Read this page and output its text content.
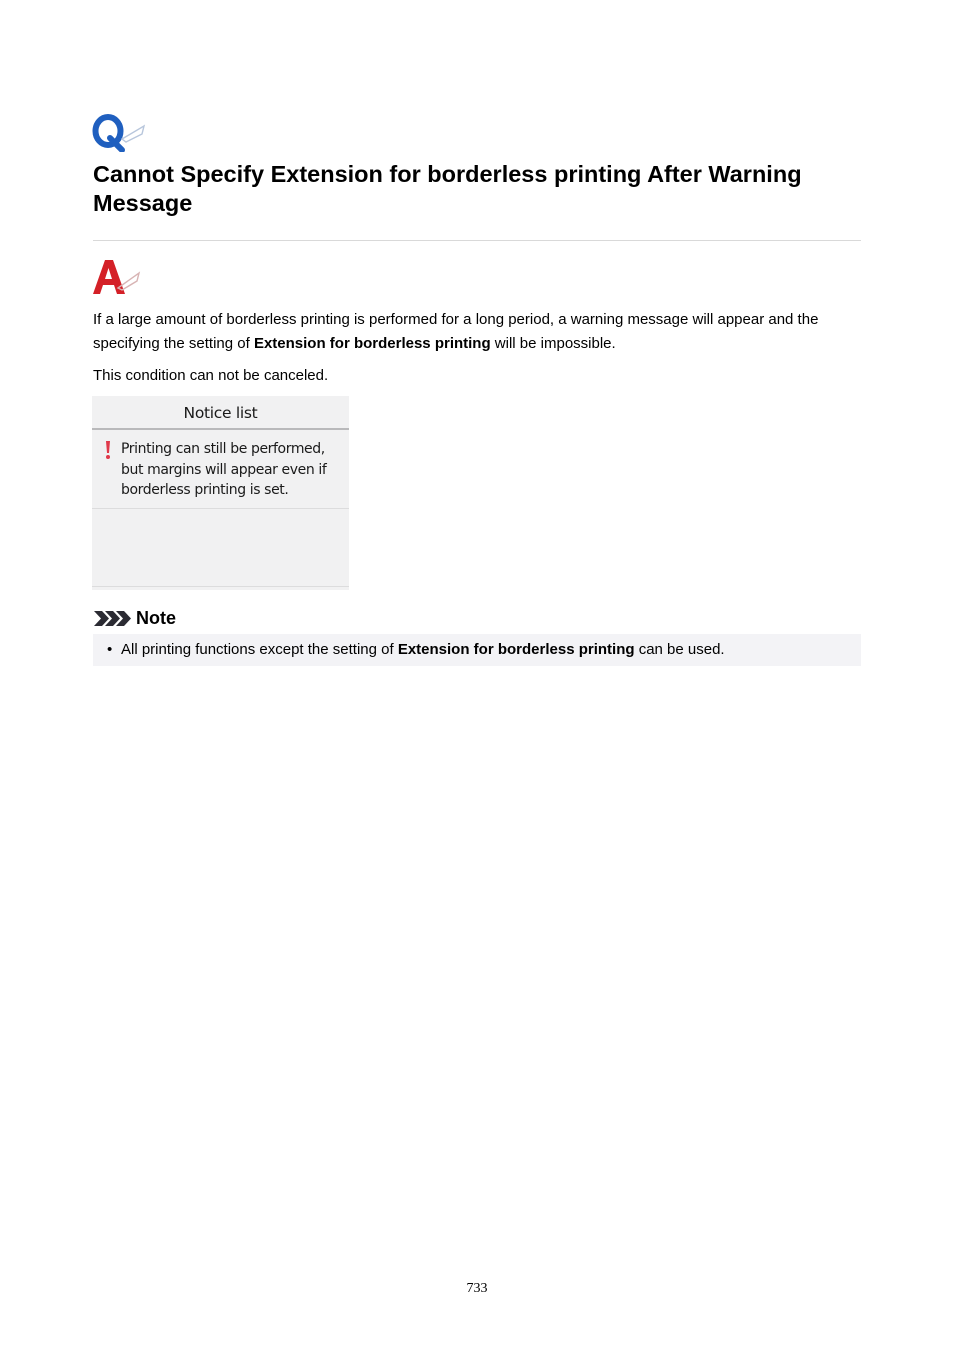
Cannot Specify Extension for borderless printing After Warning Message

If a large amount of borderless printing is performed for a long period, a warning message will appear and the specifying the setting of Extension for borderless printing will be impossible.

This condition can not be canceled.

Notice list

Printing can still be performed, but margins will appear even if borderless printing is set.

Note

• All printing functions except the setting of Extension for borderless printing can be used.

733
